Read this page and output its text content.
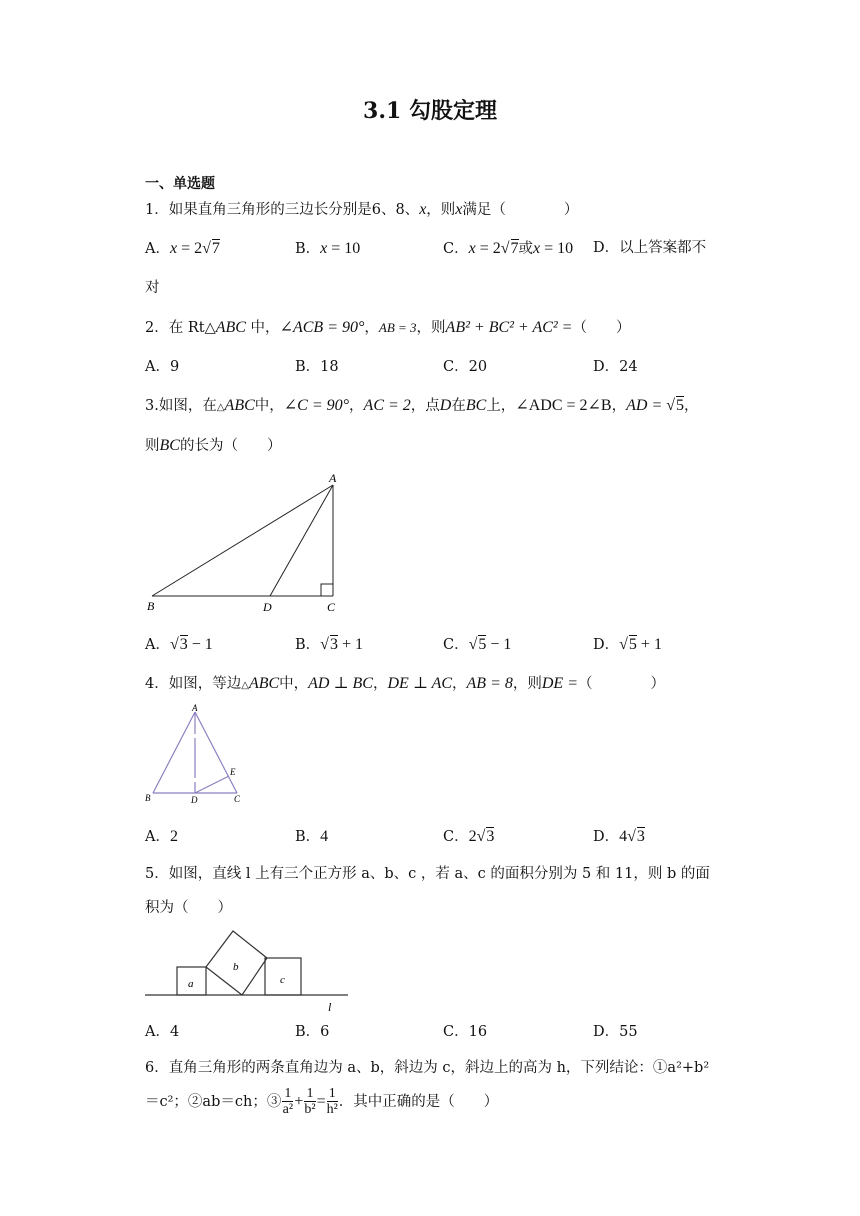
3.1 勾股定理
一、单选题
1．如果直角三角形的三边长分别是6、8、x，则x满足（　　　　）
A．x = 2√7	B．x = 10	C．x = 2√7或x = 10 D．以上答案都不
对
2．在 Rt△ABC 中，∠ACB = 90°，AB = 3，则AB² + BC² + AC² =（　　）
A．9	B．18	C．20	D．24
3.如图，在△ABC中，∠C = 90°，AC = 2，点D在BC上，∠ADC = 2∠B，AD = √5，
则BC的长为（　　）
A
B	D	C
A．√3 − 1	B．√3 + 1	C．√5 − 1	D．√5 + 1
4．如图，等边△ABC中，AD ⊥ BC，DE ⊥ AC，AB = 8，则DE =（　　　　）
A
B	D	C
E
A．2	B．4	C．2√3	D．4√3
5．如图，直线 l 上有三个正方形 a、b、c ，若 a、c 的面积分别为 5 和 11，则 b 的面
积为（　　）
a
b
c
l
A．4	B．6	C．16	D．55
6．直角三角形的两条直角边为 a、b，斜边为 c，斜边上的高为 h，下列结论：①a²+b²
＝c²；②ab＝ch；③ $\frac{1}{\text{a²}} + \frac{1}{\text{b²}} = \frac{1}{\text{h²}}$ ．其中正确的是（　　）
